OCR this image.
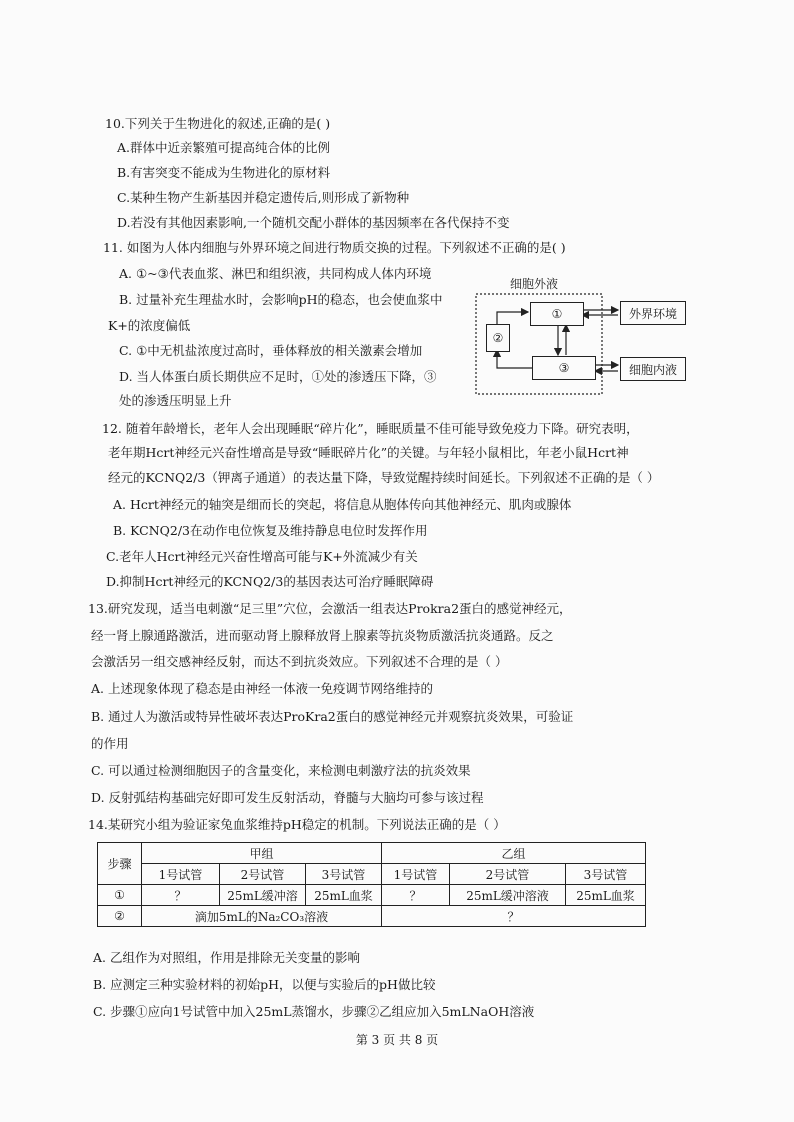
10.下列关于生物进化的叙述,正确的是( )
A.群体中近亲繁殖可提高纯合体的比例
B.有害突变不能成为生物进化的原材料
C.某种生物产生新基因并稳定遗传后,则形成了新物种
D.若没有其他因素影响,一个随机交配小群体的基因频率在各代保持不变
11. 如图为人体内细胞与外界环境之间进行物质交换的过程。下列叙述不正确的是( )
A. ①~③代表血浆、淋巴和组织液，共同构成人体内环境
B. 过量补充生理盐水时，会影响pH的稳态，也会使血浆中
K+的浓度偏低
C. ①中无机盐浓度过高时，垂体释放的相关激素会增加
D. 当人体蛋白质长期供应不足时，①处的渗透压下降，③
处的渗透压明显上升
细胞外液
①
②
③
外界环境
细胞内液
12. 随着年龄增长，老年人会出现睡眠“碎片化”，睡眠质量不佳可能导致免疫力下降。研究表明，
老年期Hcrt神经元兴奋性增高是导致“睡眠碎片化”的关键。与年轻小鼠相比，年老小鼠Hcrt神
经元的KCNQ2/3（钾离子通道）的表达量下降，导致觉醒持续时间延长。下列叙述不正确的是（ ）
A. Hcrt神经元的轴突是细而长的突起，将信息从胞体传向其他神经元、肌肉或腺体
B. KCNQ2/3在动作电位恢复及维持静息电位时发挥作用
C.老年人Hcrt神经元兴奋性增高可能与K+外流减少有关
D.抑制Hcrt神经元的KCNQ2/3的基因表达可治疗睡眠障碍
13.研究发现，适当电刺激“足三里”穴位，会激活一组表达Prokra2蛋白的感觉神经元，
经一肾上腺通路激活，进而驱动肾上腺释放肾上腺素等抗炎物质激活抗炎通路。反之
会激活另一组交感神经反射，而达不到抗炎效应。下列叙述不合理的是（ ）
A. 上述现象体现了稳态是由神经一体液一免疫调节网络维持的
B. 通过人为激活或特异性破坏表达ProKra2蛋白的感觉神经元并观察抗炎效果，可验证
的作用
C. 可以通过检测细胞因子的含量变化，来检测电刺激疗法的抗炎效果
D. 反射弧结构基础完好即可发生反射活动，脊髓与大脑均可参与该过程
14.某研究小组为验证家兔血浆维持pH稳定的机制。下列说法正确的是（ ）
步骤	甲组			乙组		
	1号试管	2号试管	3号试管	1号试管	2号试管	3号试管
①	？	25mL缓冲溶	25mL血浆	？	25mL缓冲溶液	25mL血浆
②	滴加5mL的Na₂CO₃溶液			？		
A. 乙组作为对照组，作用是排除无关变量的影响
B. 应测定三种实验材料的初始pH，以便与实验后的pH做比较
C. 步骤①应向1号试管中加入25mL蒸馏水，步骤②乙组应加入5mLNaOH溶液
第 3 页 共 8 页
